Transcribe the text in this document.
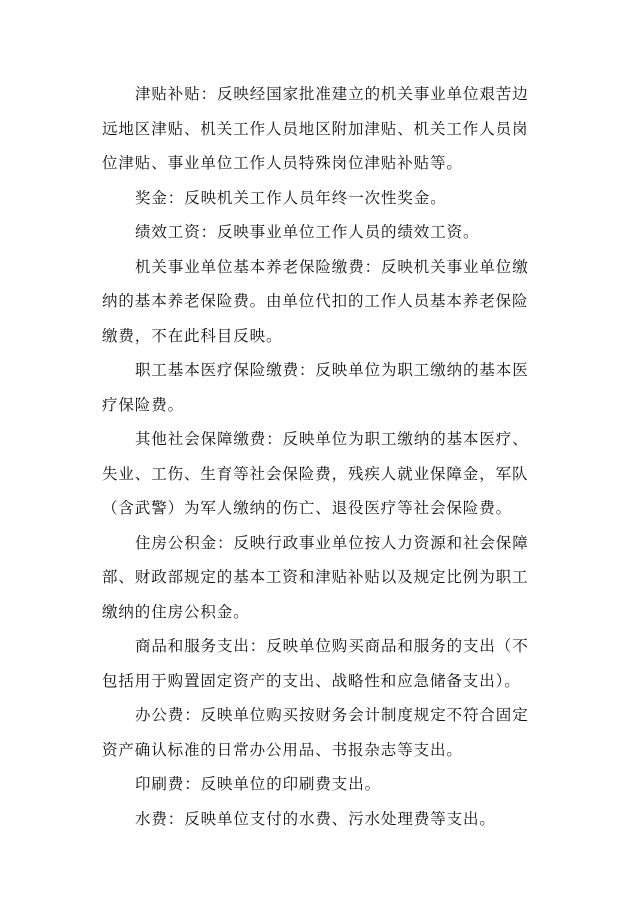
津贴补贴：反映经国家批准建立的机关事业单位艰苦边
远地区津贴、机关工作人员地区附加津贴、机关工作人员岗
位津贴、事业单位工作人员特殊岗位津贴补贴等。

奖金：反映机关工作人员年终一次性奖金。

绩效工资：反映事业单位工作人员的绩效工资。

机关事业单位基本养老保险缴费：反映机关事业单位缴
纳的基本养老保险费。由单位代扣的工作人员基本养老保险
缴费，不在此科目反映。

职工基本医疗保险缴费：反映单位为职工缴纳的基本医
疗保险费。

其他社会保障缴费：反映单位为职工缴纳的基本医疗、
失业、工伤、生育等社会保险费，残疾人就业保障金，军队
（含武警）为军人缴纳的伤亡、退役医疗等社会保险费。

住房公积金：反映行政事业单位按人力资源和社会保障
部、财政部规定的基本工资和津贴补贴以及规定比例为职工
缴纳的住房公积金。

商品和服务支出：反映单位购买商品和服务的支出（不
包括用于购置固定资产的支出、战略性和应急储备支出）。

办公费：反映单位购买按财务会计制度规定不符合固定
资产确认标准的日常办公用品、书报杂志等支出。

印刷费：反映单位的印刷费支出。

水费：反映单位支付的水费、污水处理费等支出。
